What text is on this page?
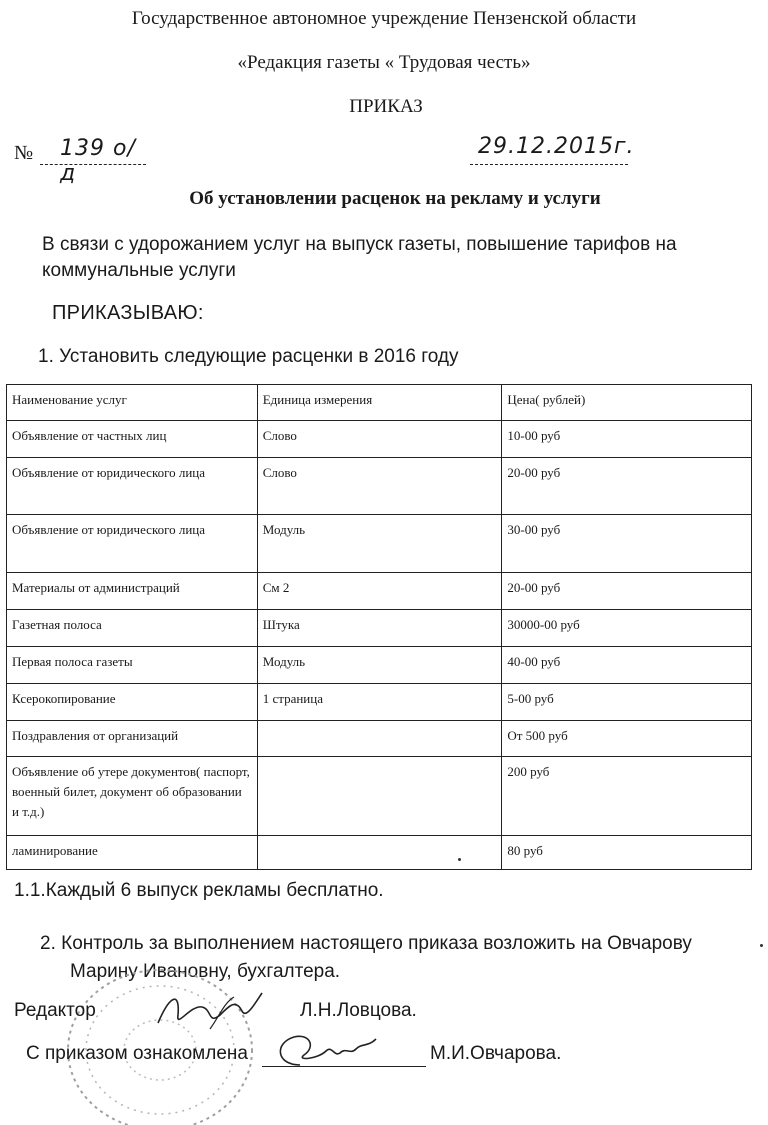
Государственное автономное учреждение Пензенской области
«Редакция газеты « Трудовая честь»
ПРИКАЗ
№	139 о/д
29.12.2015г.
Об установлении расценок на рекламу и услуги
В связи с удорожанием услуг на выпуск газеты, повышение тарифов на коммунальные услуги
ПРИКАЗЫВАЮ:
1. Установить следующие расценки в 2016 году
Наименование услуг	Единица измерения	Цена( рублей)
Объявление от частных лиц	Слово	10-00 руб
Объявление от юридического лица	Слово	20-00 руб
Объявление от юридического лица	Модуль	30-00 руб
Материалы от администраций	См 2	20-00 руб
Газетная полоса	Штука	30000-00 руб
Первая полоса газеты	Модуль	40-00 руб
Ксерокопирование	1 страница	5-00 руб
Поздравления от организаций		От 500 руб
Объявление об утере документов( паспорт, военный билет, документ об образовании и т.д.)		200 руб
ламинирование		80 руб
1.1.Каждый 6 выпуск рекламы бесплатно.
2. Контроль за выполнением настоящего приказа возложить на Овчарову
Марину Ивановну, бухгалтера.
Редактор	Л.Н.Ловцова.
С приказом ознакомлена	М.И.Овчарова.
